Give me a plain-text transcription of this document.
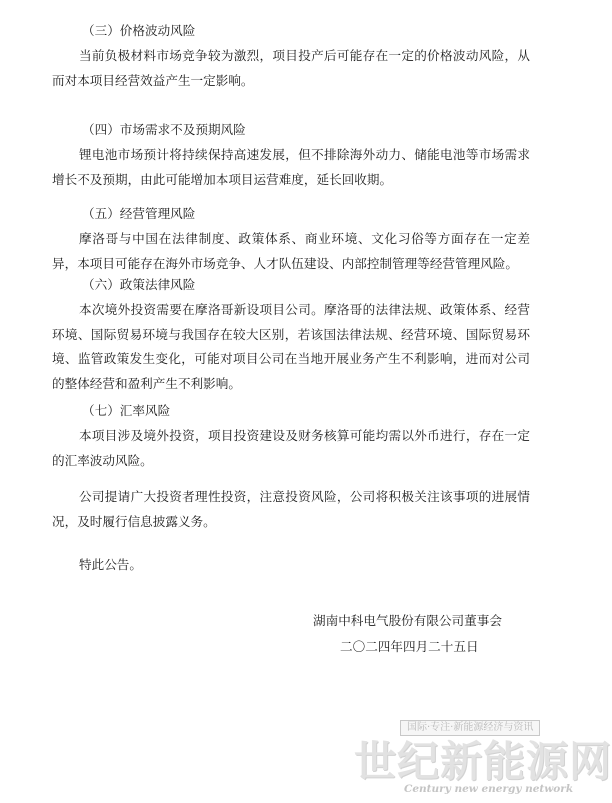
（三）价格波动风险

当前负极材料市场竞争较为激烈，项目投产后可能存在一定的价格波动风险，从而对本项目经营效益产生一定影响。

（四）市场需求不及预期风险

锂电池市场预计将持续保持高速发展，但不排除海外动力、储能电池等市场需求增长不及预期，由此可能增加本项目运营难度，延长回收期。

（五）经营管理风险

摩洛哥与中国在法律制度、政策体系、商业环境、文化习俗等方面存在一定差异，本项目可能存在海外市场竞争、人才队伍建设、内部控制管理等经营管理风险。

（六）政策法律风险

本次境外投资需要在摩洛哥新设项目公司。摩洛哥的法律法规、政策体系、经营环境、国际贸易环境与我国存在较大区别，若该国法律法规、经营环境、国际贸易环境、监管政策发生变化，可能对项目公司在当地开展业务产生不利影响，进而对公司的整体经营和盈利产生不利影响。

（七）汇率风险

本项目涉及境外投资，项目投资建设及财务核算可能均需以外币进行，存在一定的汇率波动风险。

公司提请广大投资者理性投资，注意投资风险，公司将积极关注该事项的进展情况，及时履行信息披露义务。

特此公告。

湖南中科电气股份有限公司董事会
二〇二四年四月二十五日
国际·专注·新能源经济与资讯
世纪新能源网
Century new energy network
